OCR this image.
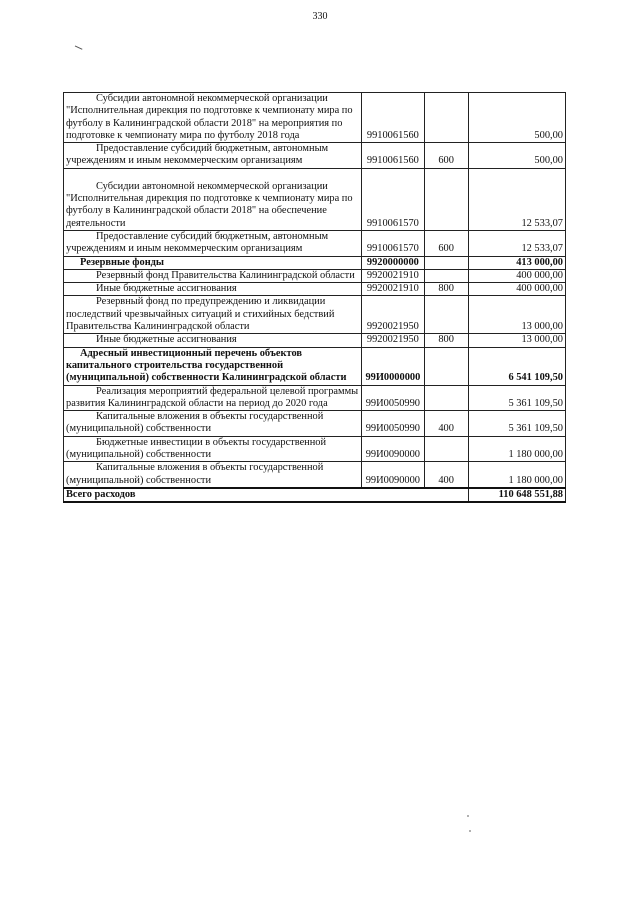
330
Субсидии автономной некоммерческой организации "Исполнительная дирекция по подготовке к чемпионату мира по футболу в Калининградской области 2018" на мероприятия по подготовке к чемпионату мира по футболу 2018 года	9910061560		500,00
Предоставление субсидий бюджетным, автономным учреждениям и иным некоммерческим организациям	9910061560	600	500,00
Субсидии автономной некоммерческой организации "Исполнительная дирекция по подготовке к чемпионату мира по футболу в Калининградской области 2018" на обеспечение деятельности	9910061570		12 533,07
Предоставление субсидий бюджетным, автономным учреждениям и иным некоммерческим организациям	9910061570	600	12 533,07
Резервные фонды	9920000000		413 000,00
Резервный фонд Правительства Калининградской области	9920021910		400 000,00
Иные бюджетные ассигнования	9920021910	800	400 000,00
Резервный фонд по предупреждению и ликвидации последствий чрезвычайных ситуаций и стихийных бедствий Правительства Калининградской области	9920021950		13 000,00
Иные бюджетные ассигнования	9920021950	800	13 000,00
Адресный инвестиционный перечень объектов капитального строительства государственной (муниципальной) собственности Калининградской области	99И0000000		6 541 109,50
Реализация мероприятий федеральной целевой программы развития Калининградской области на период до 2020 года	99И0050990		5 361 109,50
Капитальные вложения в объекты государственной (муниципальной) собственности	99И0050990	400	5 361 109,50
Бюджетные инвестиции в объекты государственной (муниципальной) собственности	99И0090000		1 180 000,00
Капитальные вложения в объекты государственной (муниципальной) собственности	99И0090000	400	1 180 000,00
Всего расходов			110 648 551,88
